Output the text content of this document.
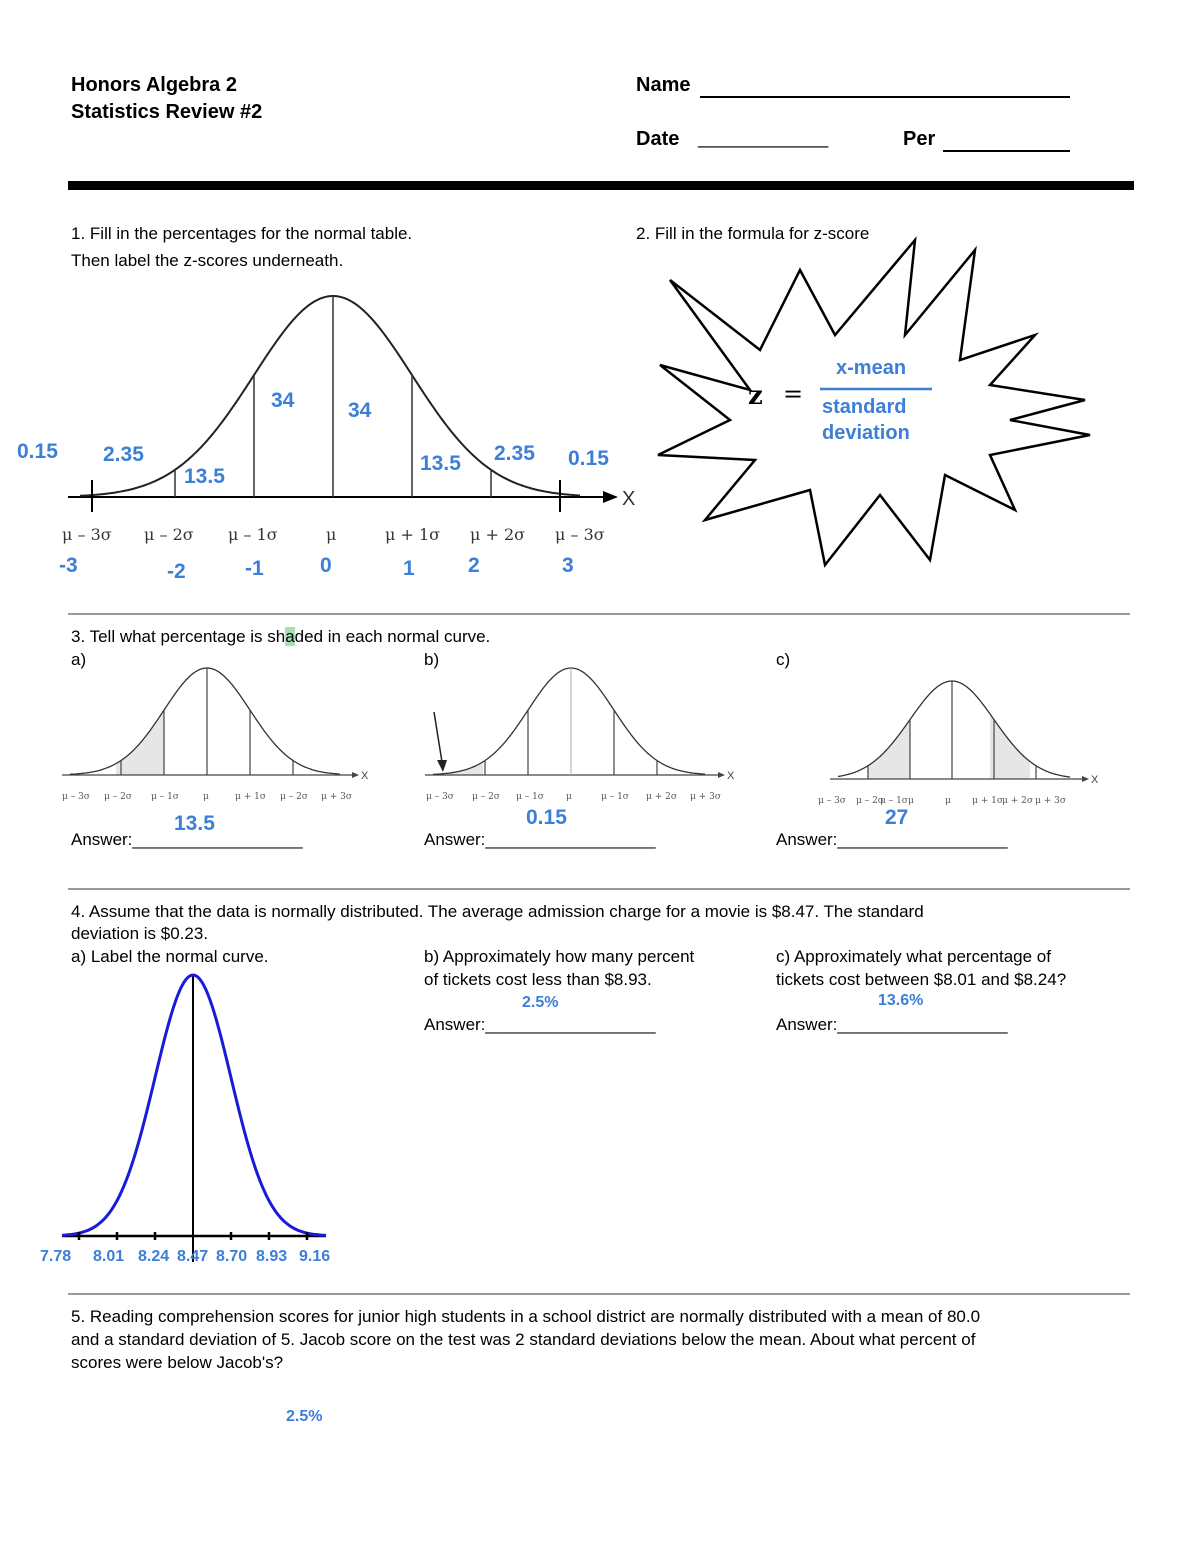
Honors Algebra 2
Statistics Review #2
Name
Date _____________	Per
1. Fill in the percentages for the normal table.
Then label the z-scores underneath.
X
μ – 3σ μ – 2σ μ – 1σ	μ	μ + 1σ μ + 2σ μ – 3σ
0.15 2.35
13.5
34	34
13.5 2.35 0.15
-3	-2	-1	0	1	2	3
2. Fill in the formula for z-score
z =
x-mean
standard
deviation
3. Tell what percentage is shaded in each normal curve.
a)	b)	c)
X
μ – 3σ μ – 2σ μ – 1σ	μ	μ + 1σ μ – 2σ μ + 3σ
X
μ – 3σ μ – 2σ μ – 1σ μ	μ – 1σ μ + 2σ μ + 3σ
X
μ – 3σ μ – 2σ
μ – 1σ μ	μ μ + 1σ μ + 2σ μ + 3σ
13.5
Answer:__________________
0.15
Answer:__________________
27
Answer:__________________
4. Assume that the data is normally distributed. The average admission charge for a movie is $8.47. The standard
deviation is $0.23.
a) Label the normal curve.	b) Approximately how many percent
of tickets cost less than $8.93.
2.5%
Answer:__________________
c) Approximately what percentage of
tickets cost between $8.01 and $8.24?
13.6%
Answer:__________________
7.78 8.01 8.24 8.47 8.70 8.93 9.16
5. Reading comprehension scores for junior high students in a school district are normally distributed with a mean of 80.0
and a standard deviation of 5. Jacob score on the test was 2 standard deviations below the mean. About what percent of
scores were below Jacob's?
2.5%
